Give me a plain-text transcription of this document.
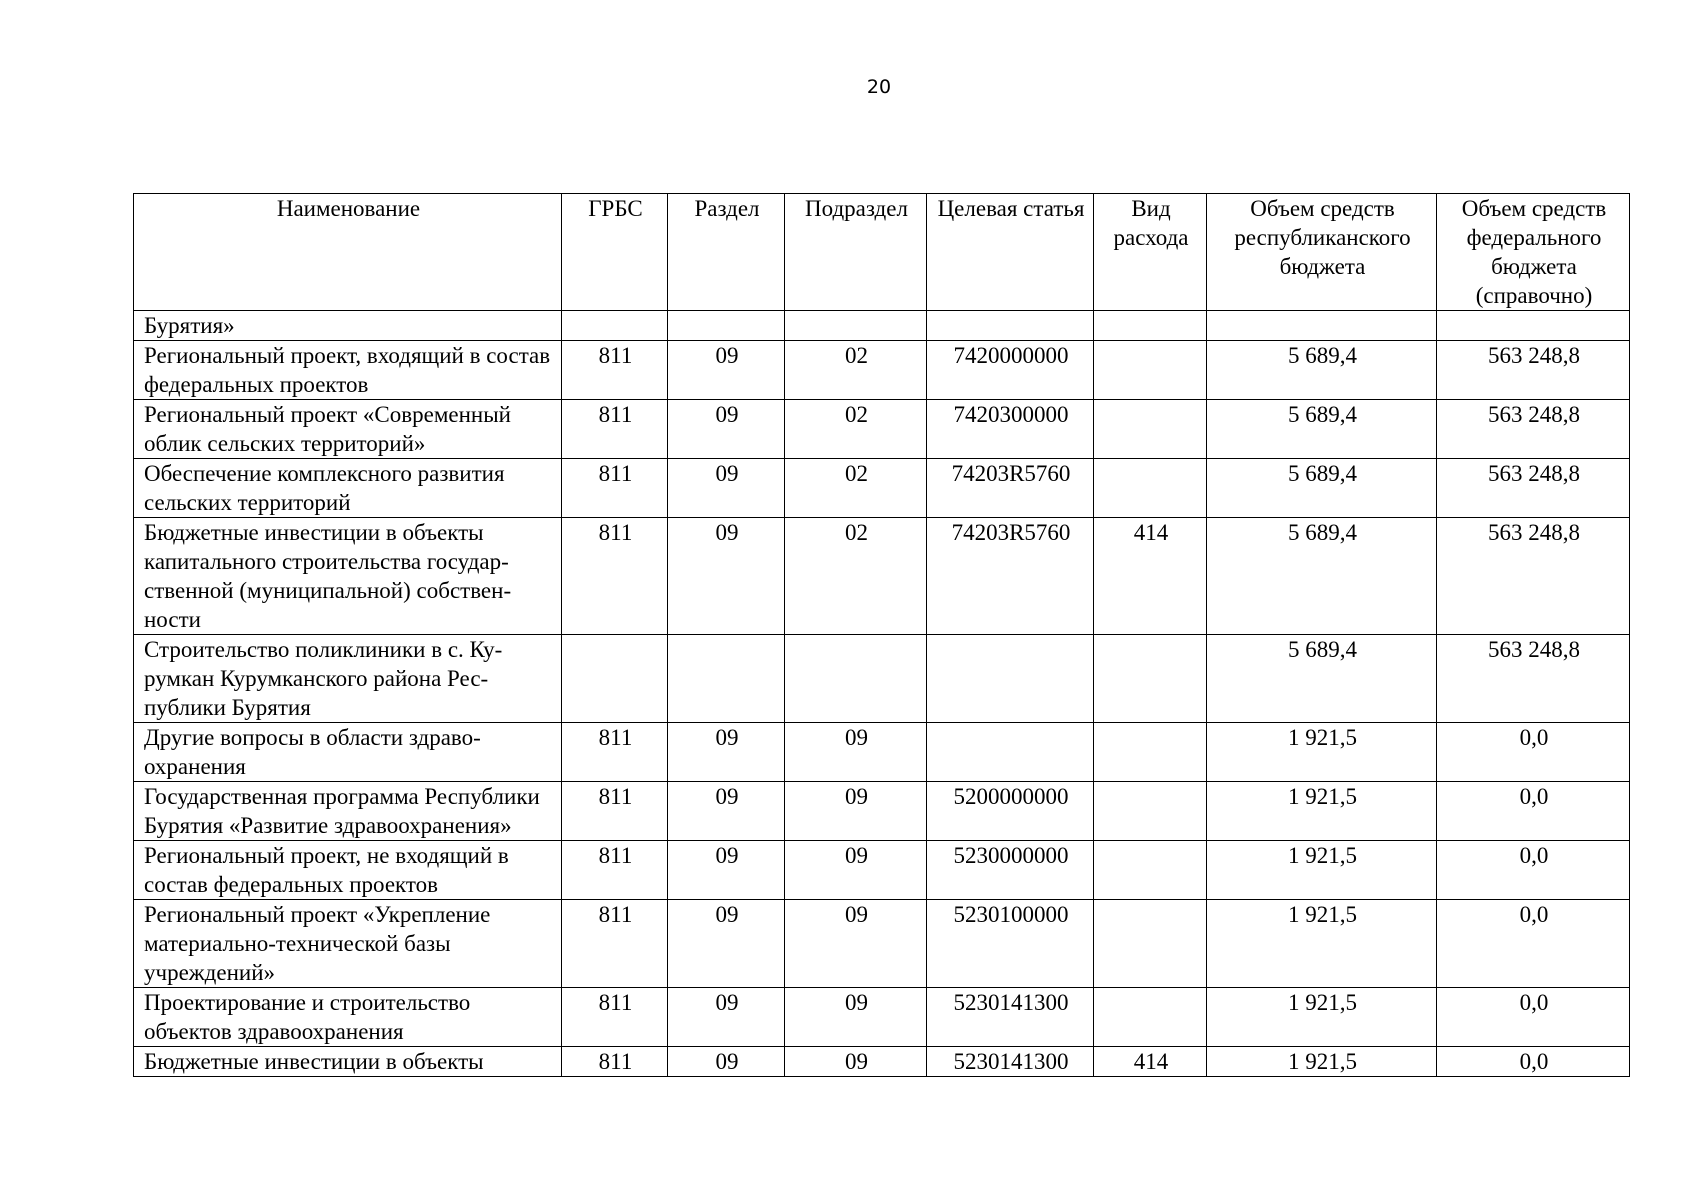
20
Наименование	ГРБС	Раздел	Подраздел	Целевая статья	Вид расхода	Объем средств республиканского бюджета	Объем средств федерального бюджета (справочно)
Бурятия»							
Региональный проект, входящий в состав федеральных проектов	811	09	02	7420000000		5 689,4	563 248,8
Региональный проект «Современный облик сельских территорий»	811	09	02	7420300000		5 689,4	563 248,8
Обеспечение комплексного развития сельских территорий	811	09	02	74203R5760		5 689,4	563 248,8
Бюджетные инвестиции в объекты капитального строительства государственной (муниципальной) собственности	811	09	02	74203R5760	414	5 689,4	563 248,8
Строительство поликлиники в с. Курумкан Курумканского района Республики Бурятия						5 689,4	563 248,8
Другие вопросы в области здравоохранения	811	09	09			1 921,5	0,0
Государственная программа Республики Бурятия «Развитие здравоохранения»	811	09	09	5200000000		1 921,5	0,0
Региональный проект, не входящий в состав федеральных проектов	811	09	09	5230000000		1 921,5	0,0
Региональный проект «Укрепление материально-технической базы учреждений»	811	09	09	5230100000		1 921,5	0,0
Проектирование и строительство объектов здравоохранения	811	09	09	5230141300		1 921,5	0,0
Бюджетные инвестиции в объекты	811	09	09	5230141300	414	1 921,5	0,0
